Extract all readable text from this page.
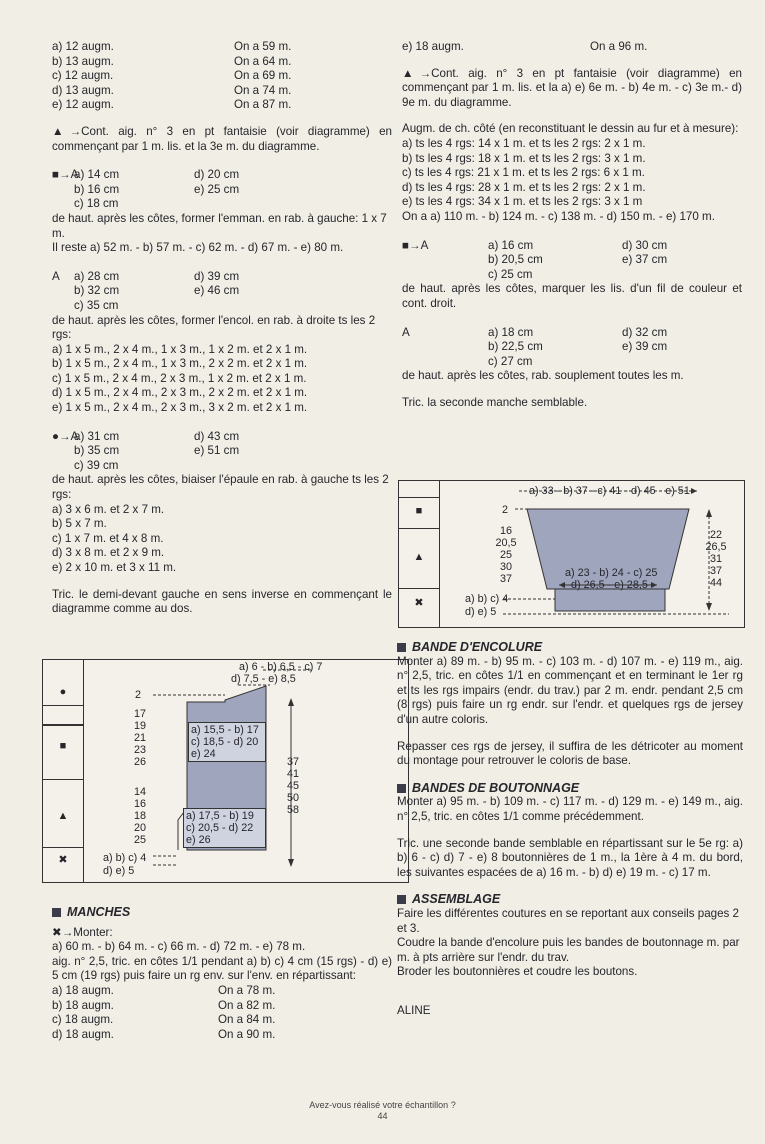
a) 12 augm.	On a 59 m.
b) 13 augm.	On a 64 m.
c) 12 augm.	On a 69 m.
d) 13 augm.	On a 74 m.
e) 12 augm.	On a 87 m.

▲→Cont. aig. n° 3 en pt fantaisie (voir diagramme) en commençant par 1 m. lis. et la 3e m. du diagramme.

■→A
a) 14 cm	d) 20 cm
b) 16 cm	e) 25 cm
c) 18 cm

de haut. après les côtes, former l'emman. en rab. à gauche: 1 x 7 m.

Il reste a) 52 m. - b) 57 m. - c) 62 m. - d) 67 m. - e) 80 m.

A	a) 28 cm	d) 39 cm
b) 32 cm	e) 46 cm
c) 35 cm

de haut. après les côtes, former l'encol. en rab. à droite ts les 2 rgs:

a) 1 x 5 m., 2 x 4 m., 1 x 3 m., 1 x 2 m. et 2 x 1 m.

b) 1 x 5 m., 2 x 4 m., 1 x 3 m., 2 x 2 m. et 2 x 1 m.

c) 1 x 5 m., 2 x 4 m., 2 x 3 m., 1 x 2 m. et 2 x 1 m.

d) 1 x 5 m., 2 x 4 m., 2 x 3 m., 2 x 2 m. et 2 x 1 m.

e) 1 x 5 m., 2 x 4 m., 2 x 3 m., 3 x 2 m. et 2 x 1 m.

●→A
a) 31 cm	d) 43 cm
b) 35 cm	e) 51 cm
c) 39 cm

de haut. après les côtes, biaiser l'épaule en rab. à gauche ts les 2 rgs:

a) 3 x 6 m. et 2 x 7 m.

b) 5 x 7 m.

c) 1 x 7 m. et 4 x 8 m.

d) 3 x 8 m. et 2 x 9 m.

e) 2 x 10 m. et 3 x 11 m.

Tric. le demi-devant gauche en sens inverse en commençant le diagramme comme au dos.

●
■
▲
✖
a) 6 - b) 6,5 - c) 7
d) 7,5 - e) 8,5
2
17
19
21
23
26
14
16
18
20
25
a) 15,5 - b) 17
c) 18,5 - d) 20
e) 24
a) 17,5 - b) 19
c) 20,5 - d) 22
e) 26
37
41
45
50
58
a) b) c) 4
d) e) 5

MANCHES

✖→Monter:

a) 60 m. - b) 64 m. - c) 66 m. - d) 72 m. - e) 78 m.

aig. n° 2,5, tric. en côtes 1/1 pendant a) b) c) 4 cm (15 rgs) - d) e) 5 cm (19 rgs) puis faire un rg env. sur l'env. en répartissant:

a) 18 augm.	On a 78 m.
b) 18 augm.	On a 82 m.
c) 18 augm.	On a 84 m.
d) 18 augm.	On a 90 m.
e) 18 augm.	On a 96 m.

▲→Cont. aig. n° 3 en pt fantaisie (voir diagramme) en commençant par 1 m. lis. et la a) e) 6e m. - b) 4e m. - c) 3e m.- d) 9e m. du diagramme.

Augm. de ch. côté (en reconstituant le dessin au fur et à mesure):

a) ts les 4 rgs: 14 x 1 m. et ts les 2 rgs: 2 x 1 m.

b) ts les 4 rgs: 18 x 1 m. et ts les 2 rgs: 3 x 1 m.

c) ts les 4 rgs: 21 x 1 m. et ts les 2 rgs: 6 x 1 m.

d) ts les 4 rgs: 28 x 1 m. et ts les 2 rgs: 2 x 1 m.

e) ts les 4 rgs: 34 x 1 m. et ts les 2 rgs: 3 x 1 m

On a a) 110 m. - b) 124 m. - c) 138 m. - d) 150 m. - e) 170 m.

■→A	a) 16 cm	d) 30 cm
b) 20,5 cm	e) 37 cm
c) 25 cm

de haut. après les côtes, marquer les lis. d'un fil de couleur et cont. droit.

A	a) 18 cm	d) 32 cm
b) 22,5 cm	e) 39 cm
c) 27 cm

de haut. après les côtes, rab. souplement toutes les m.

Tric. la seconde manche semblable.

■
▲
✖
a) 33 - b) 37 - c) 41 - d) 45 - e) 51
2
16
20,5
25
30
37
22
26,5
31
37
44
a) 23 - b) 24 - c) 25
d) 26,5 - e) 28,5
a) b) c) 4
d) e) 5

BANDE D'ENCOLURE

Monter a) 89 m. - b) 95 m. - c) 103 m. - d) 107 m. - e) 119 m., aig. n° 2,5, tric. en côtes 1/1 en commençant et en terminant le 1er rg et ts les rgs impairs (endr. du trav.) par 2 m. endr. pendant 2,5 cm (8 rgs) puis faire un rg endr. sur l'endr. et quelques rgs de jersey d'un autre coloris.

Repasser ces rgs de jersey, il suffira de les détricoter au moment du montage pour retrouver le coloris de base.

BANDES DE BOUTONNAGE

Monter a) 95 m. - b) 109 m. - c) 117 m. - d) 129 m. - e) 149 m., aig. n° 2,5, tric. en côtes 1/1 comme précédemment.

Tric. une seconde bande semblable en répartissant sur le 5e rg: a) b) 6 - c) d) 7 - e) 8 boutonnières de 1 m., la 1ère à 4 m. du bord, les suivantes espacées de a) 16 m. - b) d) e) 19 m. - c) 17 m.

ASSEMBLAGE

Faire les différentes coutures en se reportant aux conseils pages 2 et 3.

Coudre la bande d'encolure puis les bandes de boutonnage m. par m. à pts arrière sur l'endr. du trav.

Broder les boutonnières et coudre les boutons.

ALINE

Avez-vous réalisé votre échantillon ?
44
